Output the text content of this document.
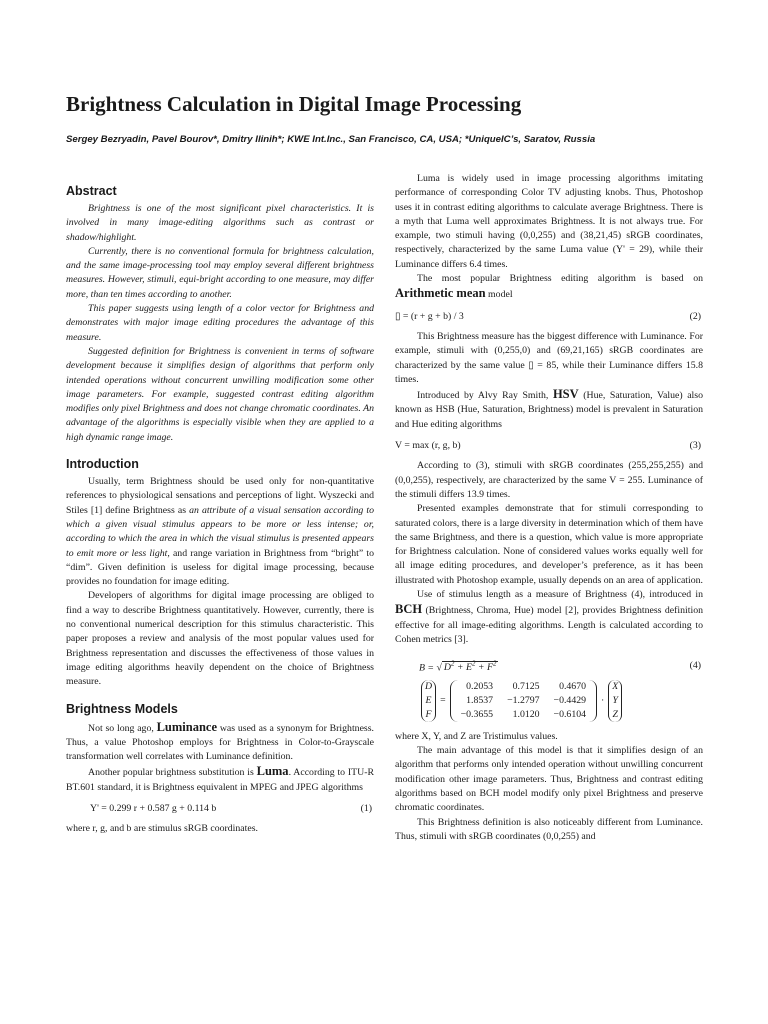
Brightness Calculation in Digital Image Processing
Sergey Bezryadin, Pavel Bourov*, Dmitry Ilinih*; KWE Int.Inc., San Francisco, CA, USA; *UniqueIC’s, Saratov, Russia
Abstract

Brightness is one of the most significant pixel characteristics. It is involved in many image-editing algorithms such as contrast or shadow/highlight.

Currently, there is no conventional formula for brightness calculation, and the same image-processing tool may employ several different brightness measures. However, stimuli, equi-bright according to one measure, may differ more, than ten times according to another.

This paper suggests using length of a color vector for Brightness and demonstrates with major image editing procedures the advantage of this measure.

Suggested definition for Brightness is convenient in terms of software development because it simplifies design of algorithms that perform only intended operations without concurrent unwilling modification some other image parameters. For example, suggested contrast editing algorithm modifies only pixel Brightness and does not change chromatic coordinates. An advantage of the algorithms is especially visible when they are applied to a high dynamic range image.

Introduction

Usually, term Brightness should be used only for non-quantitative references to physiological sensations and perceptions of light. Wyszecki and Stiles [1] define Brightness as an attribute of a visual sensation according to which a given visual stimulus appears to be more or less intense; or, according to which the area in which the visual stimulus is presented appears to emit more or less light, and range variation in Brightness from “bright” to “dim”. Given definition is useless for digital image processing, because provides no foundation for image editing.

Developers of algorithms for digital image processing are obliged to find a way to describe Brightness quantitatively. However, currently, there is no conventional numerical description for this stimulus characteristic. This paper proposes a review and analysis of the most popular values used for Brightness representation and discusses the effectiveness of those values in image editing algorithms heavily dependent on the choice of Brightness measure.

Brightness Models

Not so long ago, Luminance was used as a synonym for Brightness. Thus, a value Photoshop employs for Brightness in Color-to-Grayscale transformation well correlates with Luminance definition.

Another popular brightness substitution is Luma. According to ITU-R BT.601 standard, it is Brightness equivalent in MPEG and JPEG algorithms

Y' = 0.299 r + 0.587 g + 0.114 b	(1)

where r, g, and b are stimulus sRGB coordinates.

Luma is widely used in image processing algorithms imitating performance of corresponding Color TV adjusting knobs. Thus, Photoshop uses it in contrast editing algorithms to calculate average Brightness. There is a myth that Luma well approximates Brightness. It is not always true. For example, two stimuli having (0,0,255) and (38,21,45) sRGB coordinates, respectively, characterized by the same Luma value (Y' = 29), while their Luminance differs 6.4 times.

The most popular Brightness editing algorithm is based on Arithmetic mean model

▯ = (r + g + b) / 3	(2)

This Brightness measure has the biggest difference with Luminance. For example, stimuli with (0,255,0) and (69,21,165) sRGB coordinates are characterized by the same value ▯ = 85, while their Luminance differs 15.8 times.

Introduced by Alvy Ray Smith, HSV (Hue, Saturation, Value) also known as HSB (Hue, Saturation, Brightness) model is prevalent in Saturation and Hue editing algorithms

V = max (r, g, b)	(3)

According to (3), stimuli with sRGB coordinates (255,255,255) and (0,0,255), respectively, are characterized by the same V = 255. Luminance of the stimuli differs 13.9 times.

Presented examples demonstrate that for stimuli corresponding to saturated colors, there is a large diversity in determination which of them have the same Brightness, and there is a question, which value is more appropriate for Brightness calculation. None of considered values works equally well for all image editing procedures, and developer’s preference, as it has been illustrated with Photoshop example, usually depends on an area of application.

Use of stimulus length as a measure of Brightness (4), introduced in BCH (Brightness, Chroma, Hue) model [2], provides Brightness definition effective for all image-editing algorithms. Length is calculated according to Cohen metrics [3].

B = √ $D^2 + E^2 + F^2$	(4)
D
E
F
=
0.2053	0.7125	0.4670
1.8537	−1.2797	−0.4429
−0.3655	1.0120	−0.6104
·
X
Y
Z

where X, Y, and Z are Tristimulus values.

The main advantage of this model is that it simplifies design of an algorithm that performs only intended operation without unwilling concurrent modification other image parameters. Thus, Brightness and contrast editing algorithms based on BCH model modify only pixel Brightness and preserve chromatic coordinates.

This Brightness definition is also noticeably different from Luminance. Thus, stimuli with sRGB coordinates (0,0,255) and
